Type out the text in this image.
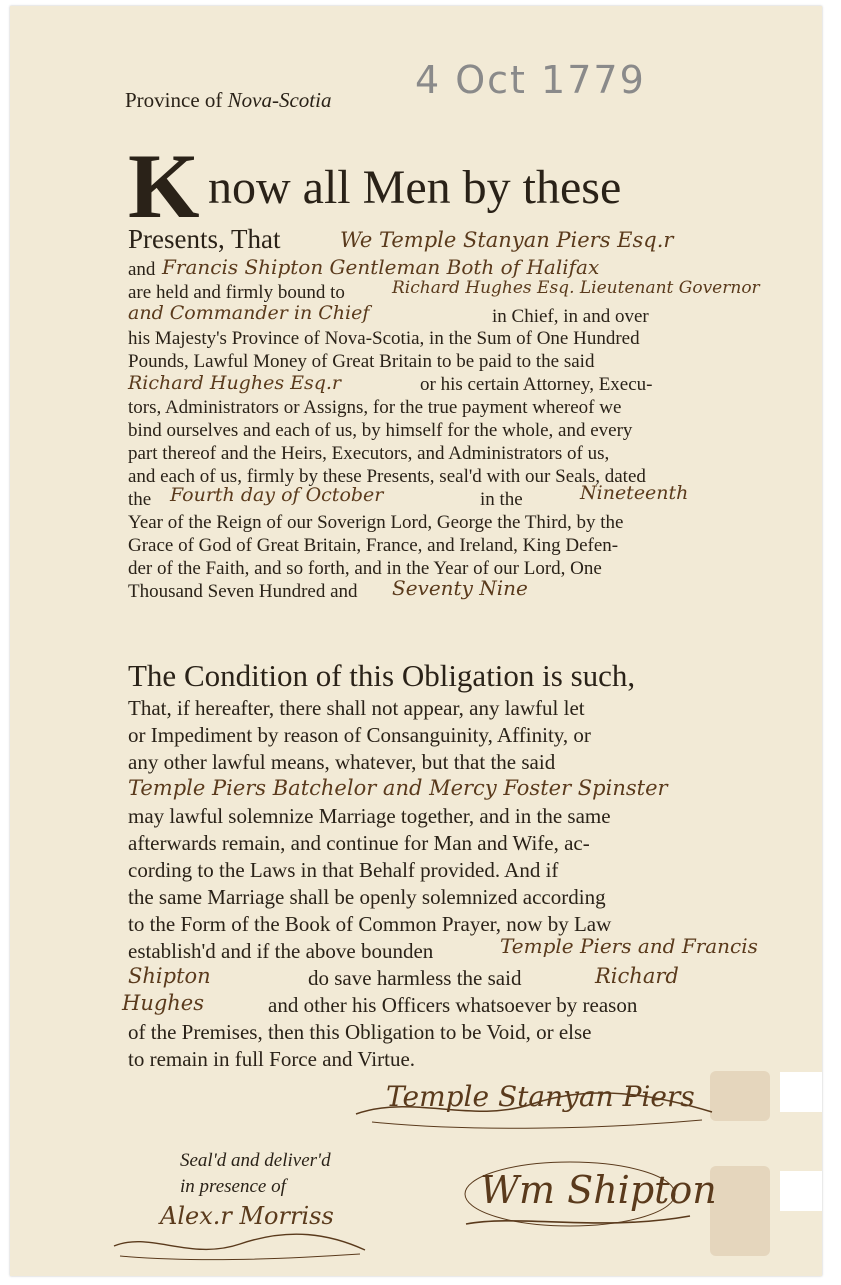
Province of Nova-Scotia 4 Oct 1779
K now all Men by these
Presents, That	We Temple Stanyan Piers Esq.r
and Francis Shipton Gentleman Both of Halifax
are held and firmly bound to	Richard Hughes Esq. Lieutenant Governor
and Commander in Chief	in Chief, in and over
his Majesty's Province of Nova-Scotia, in the Sum of One Hundred
Pounds, Lawful Money of Great Britain to be paid to the said
Richard Hughes Esq.r	or his certain Attorney, Execu-
tors, Administrators or Assigns, for the true payment whereof we
bind ourselves and each of us, by himself for the whole, and every
part thereof and the Heirs, Executors, and Administrators of us,
and each of us, firmly by these Presents, seal'd with our Seals, dated
the Fourth day of October	in the	Nineteenth
Year of the Reign of our Soverign Lord, George the Third, by the
Grace of God of Great Britain, France, and Ireland, King Defen-
der of the Faith, and so forth, and in the Year of our Lord, One
Thousand Seven Hundred and Seventy Nine
The Condition of this Obligation is such,
That, if hereafter, there shall not appear, any lawful let
or Impediment by reason of Consanguinity, Affinity, or
any other lawful means, whatever, but that the said
Temple Piers Batchelor and Mercy Foster Spinster
may lawful solemnize Marriage together, and in the same
afterwards remain, and continue for Man and Wife, ac-
cording to the Laws in that Behalf provided. And if
the same Marriage shall be openly solemnized according
to the Form of the Book of Common Prayer, now by Law
establish'd and if the above bounden	Temple Piers and Francis
Shipton	do save harmless the said	Richard
Hughes	and other his Officers whatsoever by reason
of the Premises, then this Obligation to be Void, or else
to remain in full Force and Virtue.
Temple Stanyan Piers
Seal'd and deliver'd
in presence of
Alex.r Morriss
Wm Shipton
